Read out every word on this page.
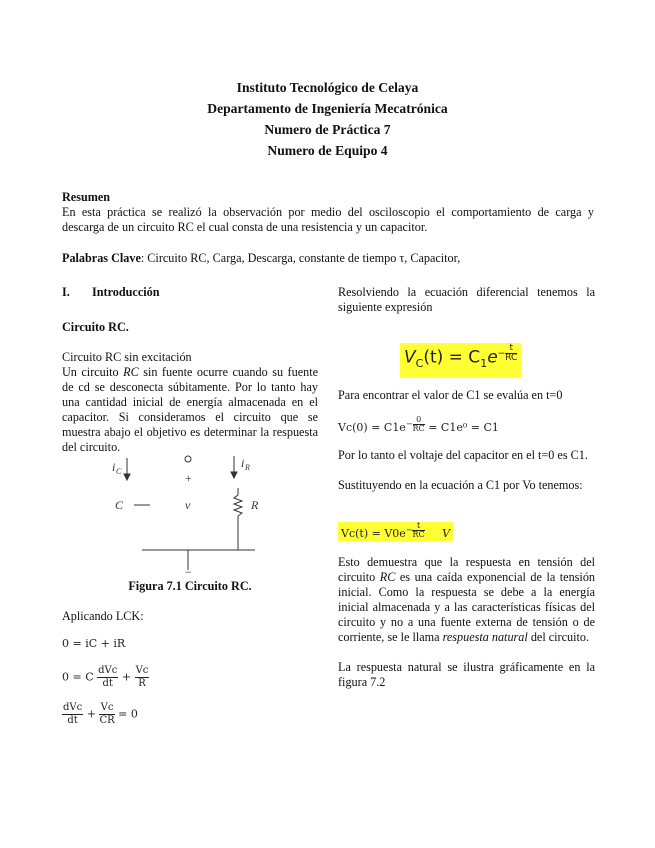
Instituto Tecnológico de Celaya
Departamento de Ingeniería Mecatrónica
Numero de Práctica 7
Numero de Equipo 4
Resumen
En esta práctica se realizó la observación por medio del osciloscopio el comportamiento de carga y
descarga de un circuito RC el cual consta de una resistencia y un capacitor.
Palabras Clave: Circuito RC, Carga, Descarga, constante de tiempo τ, Capacitor,
I. Introducción
Circuito RC.
Circuito RC sin excitación
Un circuito RC sin fuente ocurre cuando su fuente de cd se desconecta súbitamente. Por lo tanto hay una cantidad inicial de energía almacenada en el capacitor. Si consideramos el circuito que se muestra abajo el objetivo es determinar la respuesta del circuito.
i C
i R
+
C	v	R
−
Figura 7.1 Circuito RC.
Aplicando LCK:
0 = iC + iR
0 = C $\frac{\text{dVc}}{dt} + \frac{Vc}{R}$
$\frac{\text{dVc}}{dt} + \frac{Vc}{CR} = 0$
Resolviendo la ecuación diferencial tenemos la siguiente expresión
$V_C(t) = C_1e- \frac{t}{RC}$
Para encontrar el valor de C1 se evalúa en t=0
$Vc(0) = C1e- \frac{0}{RC} = C1e^0 = C1$
Por lo tanto el voltaje del capacitor en el t=0 es C1.
Sustituyendo en la ecuación a C1 por Vo tenemos:
$Vc(t) = V0e- \frac{t}{RC}$ V
Esto demuestra que la respuesta en tensión del circuito RC es una caída exponencial de la tensión inicial. Como la respuesta se debe a la energía inicial almacenada y a las características físicas del circuito y no a una fuente externa de tensión o de corriente, se le llama respuesta natural del circuito.
La respuesta natural se ilustra gráficamente en la figura 7.2
